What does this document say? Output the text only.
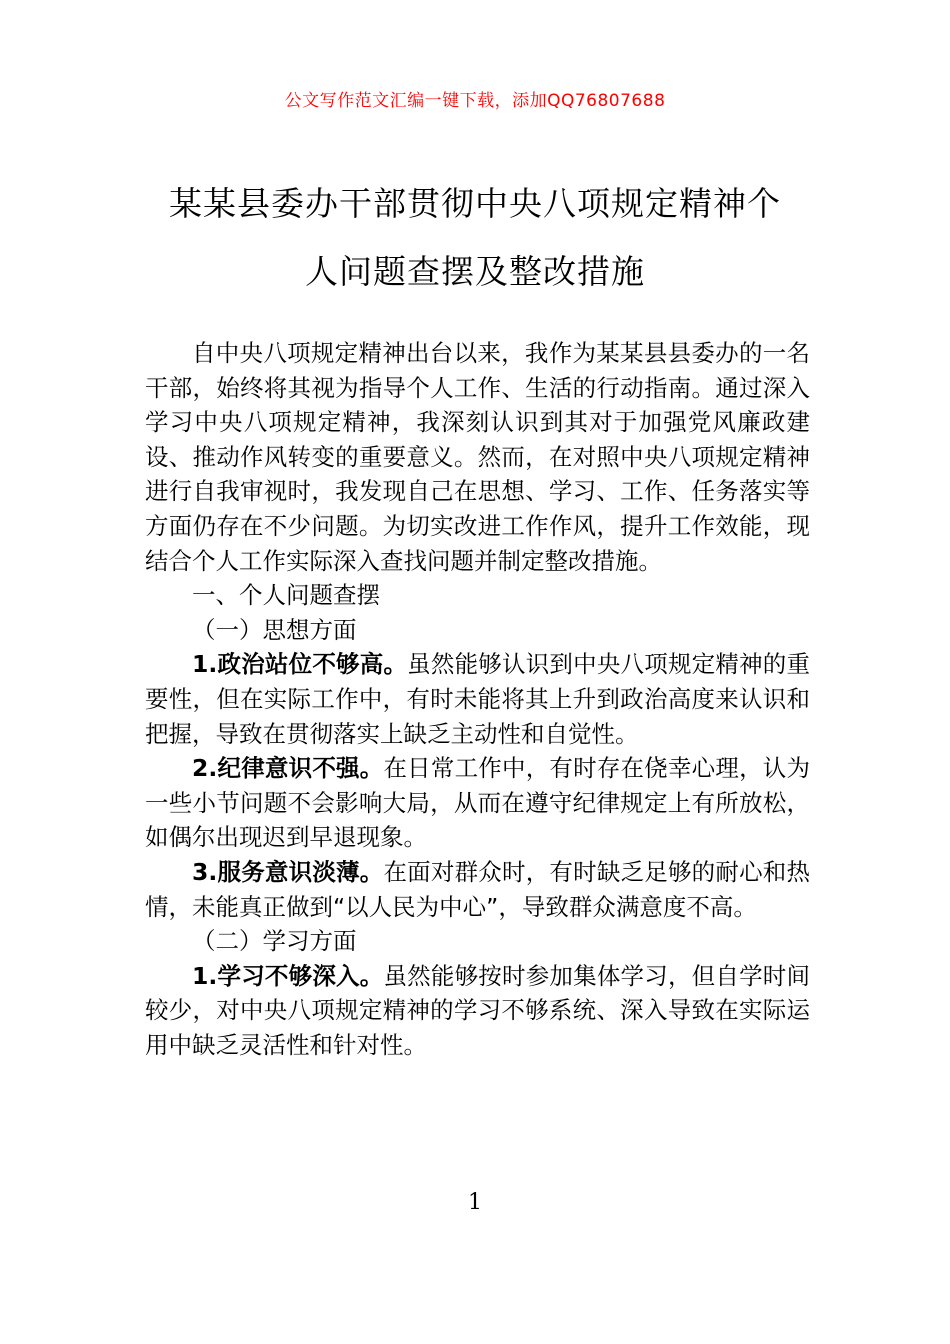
公文写作范文汇编一键下载，添加QQ76807688
某某县委办干部贯彻中央八项规定精神个
人问题查摆及整改措施

自中央八项规定精神出台以来，我作为某某县县委办的一名干部，始终将其视为指导个人工作、生活的行动指南。通过深入学习中央八项规定精神，我深刻认识到其对于加强党风廉政建设、推动作风转变的重要意义。然而，在对照中央八项规定精神进行自我审视时，我发现自己在思想、学习、工作、任务落实等方面仍存在不少问题。为切实改进工作作风，提升工作效能，现结合个人工作实际深入查找问题并制定整改措施。

一、个人问题查摆

（一）思想方面

1.政治站位不够高。虽然能够认识到中央八项规定精神的重要性，但在实际工作中，有时未能将其上升到政治高度来认识和把握，导致在贯彻落实上缺乏主动性和自觉性。

2.纪律意识不强。在日常工作中，有时存在侥幸心理，认为一些小节问题不会影响大局，从而在遵守纪律规定上有所放松，如偶尔出现迟到早退现象。

3.服务意识淡薄。在面对群众时，有时缺乏足够的耐心和热情，未能真正做到“以人民为中心”，导致群众满意度不高。

（二）学习方面

1.学习不够深入。虽然能够按时参加集体学习，但自学时间较少，对中央八项规定精神的学习不够系统、深入导致在实际运用中缺乏灵活性和针对性。

1
